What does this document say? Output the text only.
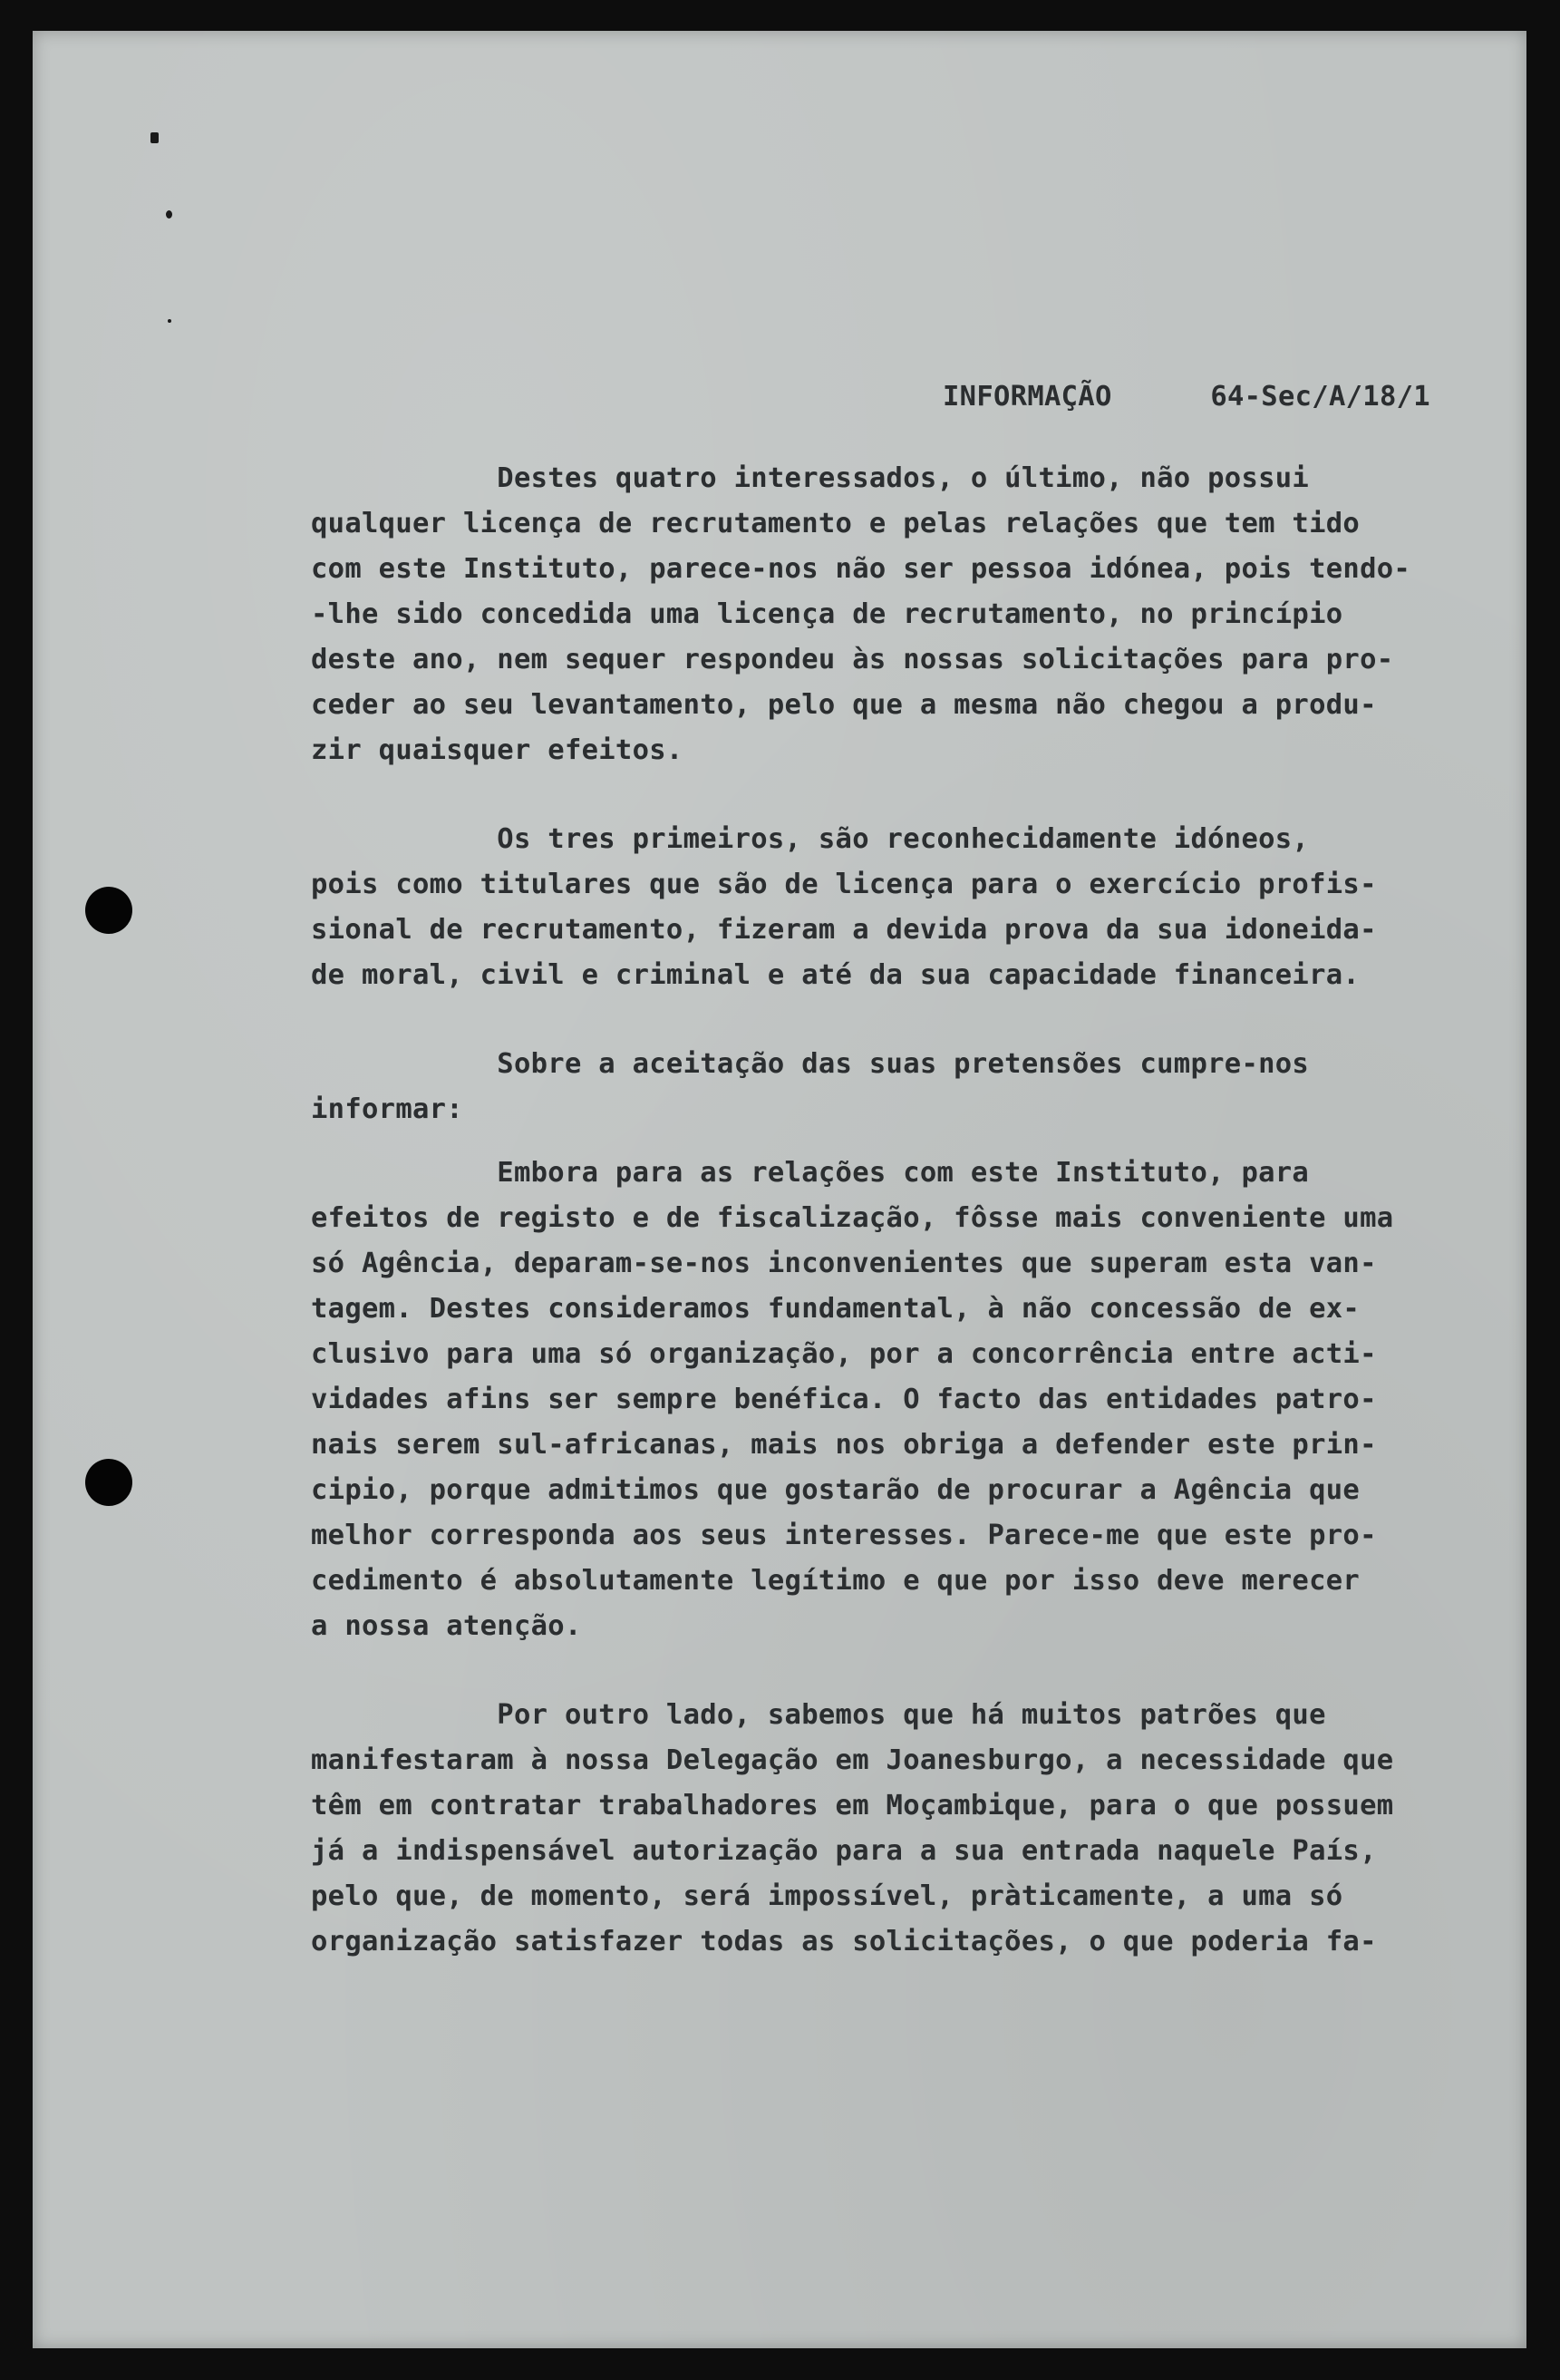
INFORMAÇÃO	64-Sec/A/18/1
Destes quatro interessados, o último, não possui
qualquer licença de recrutamento e pelas relações que tem tido
com este Instituto, parece-nos não ser pessoa idónea, pois tendo-
-lhe sido concedida uma licença de recrutamento, no princípio
deste ano, nem sequer respondeu às nossas solicitações para pro-
ceder ao seu levantamento, pelo que a mesma não chegou a produ-
zir quaisquer efeitos.
Os tres primeiros, são reconhecidamente idóneos,
pois como titulares que são de licença para o exercício profis-
sional de recrutamento, fizeram a devida prova da sua idoneida-
de moral, civil e criminal e até da sua capacidade financeira.
Sobre a aceitação das suas pretensões cumpre-nos
informar:
Embora para as relações com este Instituto, para
efeitos de registo e de fiscalização, fôsse mais conveniente uma
só Agência, deparam-se-nos inconvenientes que superam esta van-
tagem. Destes consideramos fundamental, à não concessão de ex-
clusivo para uma só organização, por a concorrência entre acti-
vidades afins ser sempre benéfica. O facto das entidades patro-
nais serem sul-africanas, mais nos obriga a defender este prin-
cipio, porque admitimos que gostarão de procurar a Agência que
melhor corresponda aos seus interesses. Parece-me que este pro-
cedimento é absolutamente legítimo e que por isso deve merecer
a nossa atenção.
Por outro lado, sabemos que há muitos patrões que
manifestaram à nossa Delegação em Joanesburgo, a necessidade que
têm em contratar trabalhadores em Moçambique, para o que possuem
já a indispensável autorização para a sua entrada naquele País,
pelo que, de momento, será impossível, pràticamente, a uma só
organização satisfazer todas as solicitações, o que poderia fa-
